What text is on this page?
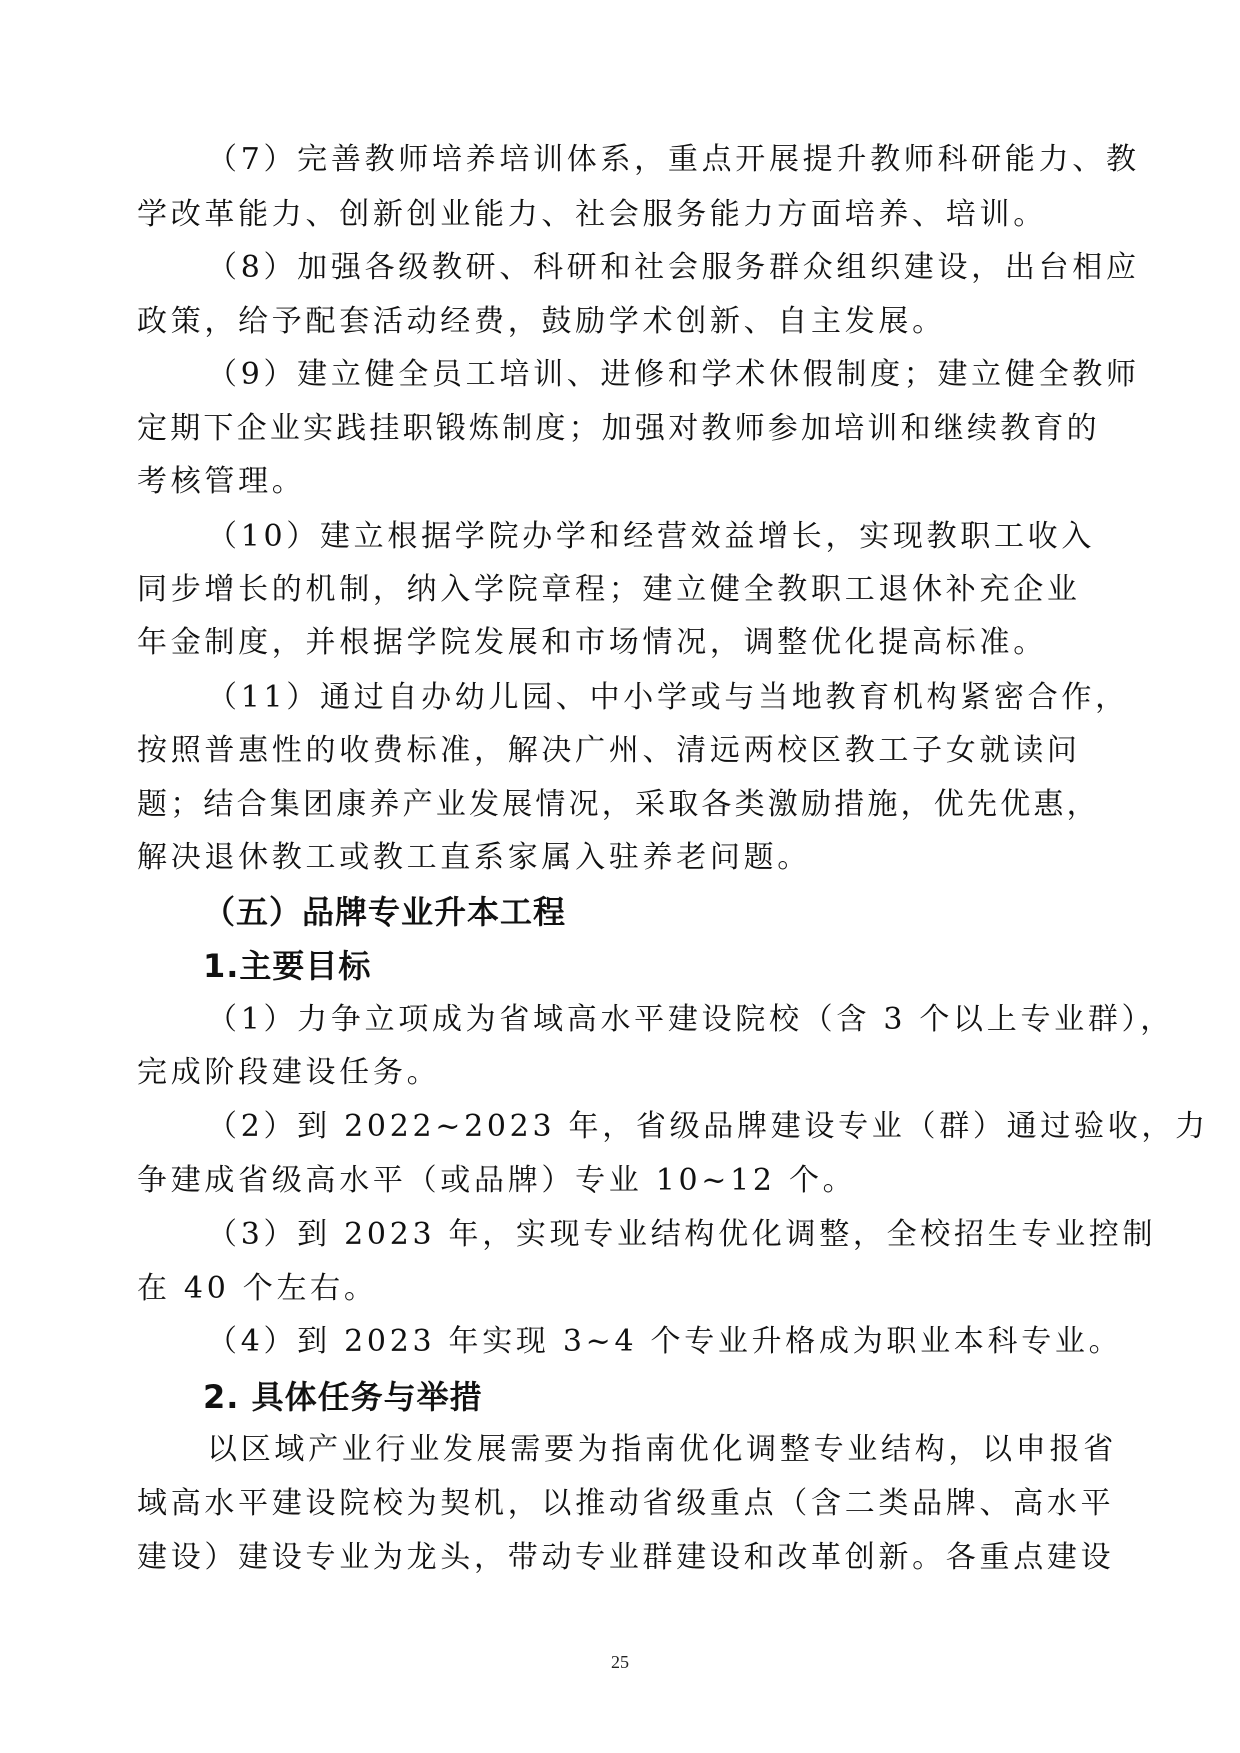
（7）完善教师培养培训体系，重点开展提升教师科研能力、教
学改革能力、创新创业能力、社会服务能力方面培养、培训。
（8）加强各级教研、科研和社会服务群众组织建设，出台相应
政策，给予配套活动经费，鼓励学术创新、自主发展。
（9）建立健全员工培训、进修和学术休假制度；建立健全教师
定期下企业实践挂职锻炼制度；加强对教师参加培训和继续教育的
考核管理。
（10）建立根据学院办学和经营效益增长，实现教职工收入
同步增长的机制，纳入学院章程；建立健全教职工退休补充企业
年金制度，并根据学院发展和市场情况，调整优化提高标准。
（11）通过自办幼儿园、中小学或与当地教育机构紧密合作，
按照普惠性的收费标准，解决广州、清远两校区教工子女就读问
题；结合集团康养产业发展情况，采取各类激励措施，优先优惠，
解决退休教工或教工直系家属入驻养老问题。
（五）品牌专业升本工程
1.主要目标
（1）力争立项成为省域高水平建设院校（含 3 个以上专业群），
完成阶段建设任务。
（2）到 2022~2023 年，省级品牌建设专业（群）通过验收，力
争建成省级高水平（或品牌）专业 10~12 个。
（3）到 2023 年，实现专业结构优化调整，全校招生专业控制
在 40 个左右。
（4）到 2023 年实现 3~4 个专业升格成为职业本科专业。
2. 具体任务与举措
以区域产业行业发展需要为指南优化调整专业结构，以申报省
域高水平建设院校为契机，以推动省级重点（含二类品牌、高水平
建设）建设专业为龙头，带动专业群建设和改革创新。各重点建设
25
